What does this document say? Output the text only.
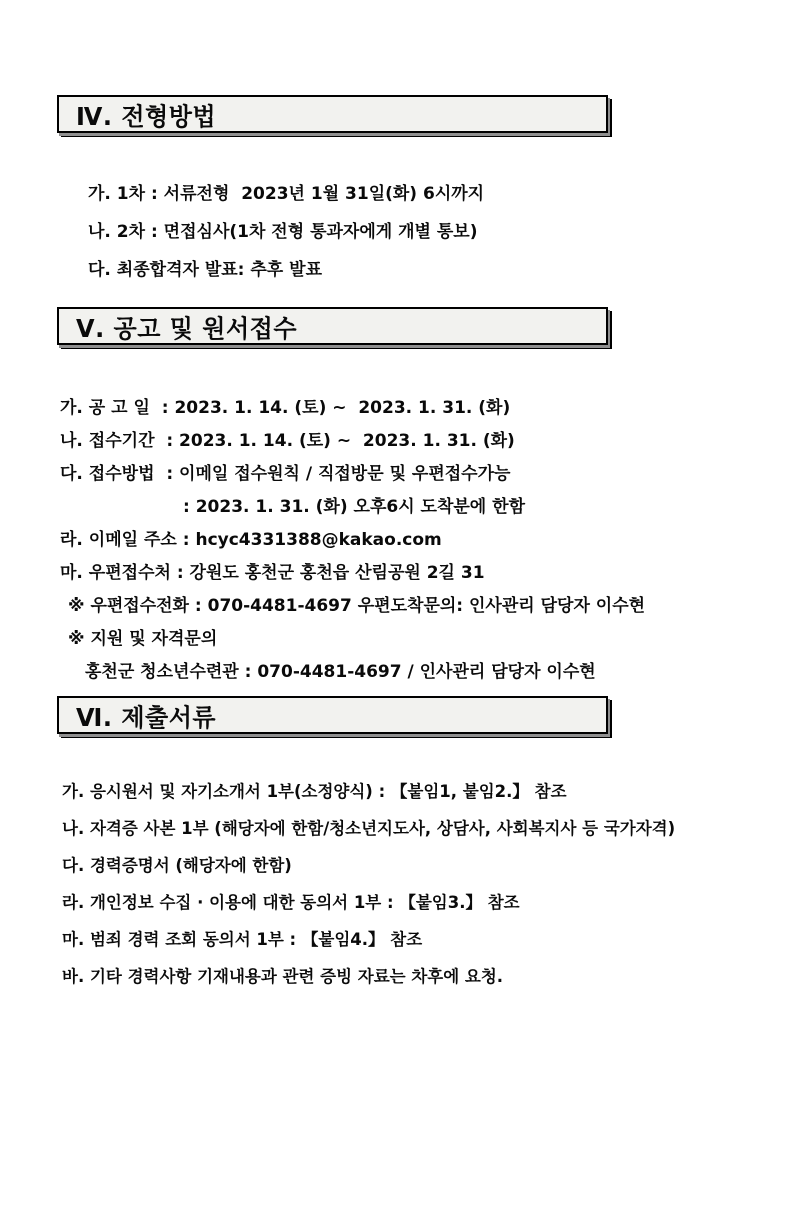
Ⅳ. 전형방법
가. 1차 : 서류전형  2023년 1월 31일(화) 6시까지
나. 2차 : 면접심사(1차 전형 통과자에게 개별 통보)
다. 최종합격자 발표: 추후 발표
Ⅴ. 공고 및 원서접수
가. 공 고 일  : 2023. 1. 14. (토) ~  2023. 1. 31. (화)
나. 접수기간  : 2023. 1. 14. (토) ~  2023. 1. 31. (화)
다. 접수방법  : 이메일 접수원칙 / 직접방문 및 우편접수가능
: 2023. 1. 31. (화) 오후6시 도착분에 한함
라. 이메일 주소 : hcyc4331388@kakao.com
마. 우편접수처 : 강원도 홍천군 홍천읍 산림공원 2길 31
※ 우편접수전화 : 070-4481-4697 우편도착문의: 인사관리 담당자 이수현
※ 지원 및 자격문의
홍천군 청소년수련관 : 070-4481-4697 / 인사관리 담당자 이수현
Ⅵ. 제출서류
가. 응시원서 및 자기소개서 1부(소정양식) : 【붙임1, 붙임2.】 참조
나. 자격증 사본 1부 (해당자에 한함/청소년지도사, 상담사, 사회복지사 등 국가자격)
다. 경력증명서 (해당자에 한함)
라. 개인정보 수집 · 이용에 대한 동의서 1부 : 【붙임3.】 참조
마. 범죄 경력 조회 동의서 1부 : 【붙임4.】 참조
바. 기타 경력사항 기재내용과 관련 증빙 자료는 차후에 요청.
